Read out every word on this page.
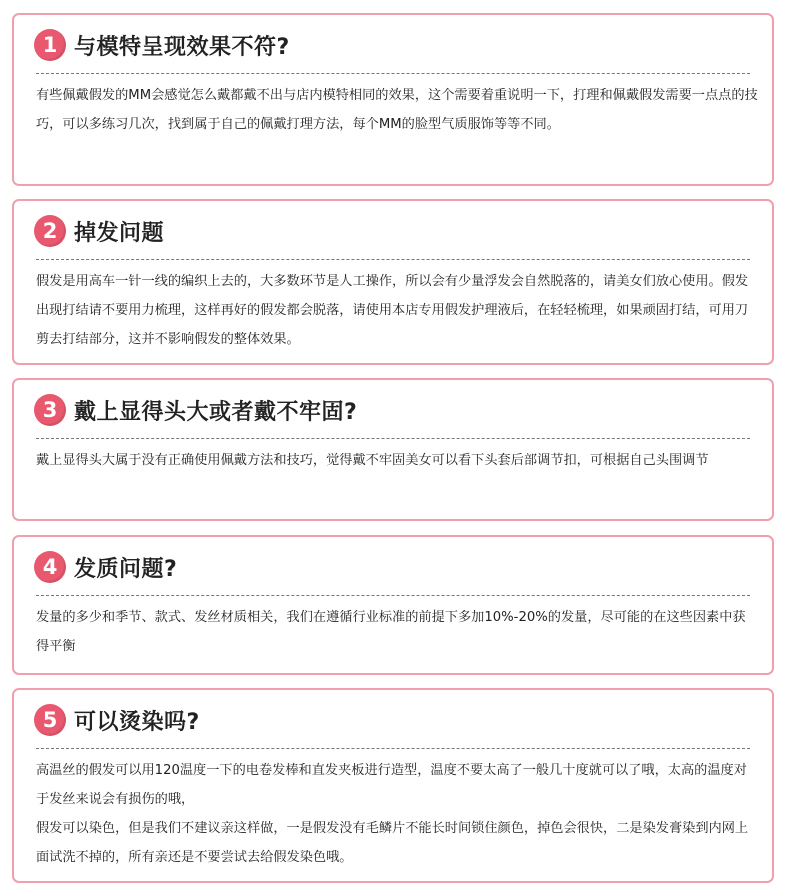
1 与模特呈现效果不符?

有些佩戴假发的MM会感觉怎么戴都戴不出与店内模特相同的效果，这个需要着重说明一下，打理和佩戴假发需要一点点的技巧，可以多练习几次，找到属于自己的佩戴打理方法，每个MM的脸型气质服饰等等不同。

2 掉发问题

假发是用高车一针一线的编织上去的，大多数环节是人工操作，所以会有少量浮发会自然脱落的，请美女们放心使用。假发出现打结请不要用力梳理，这样再好的假发都会脱落，请使用本店专用假发护理液后，在轻轻梳理，如果顽固打结，可用刀剪去打结部分，这并不影响假发的整体效果。

3 戴上显得头大或者戴不牢固?

戴上显得头大属于没有正确使用佩戴方法和技巧，觉得戴不牢固美女可以看下头套后部调节扣，可根据自己头围调节

4 发质问题?

发量的多少和季节、款式、发丝材质相关，我们在遵循行业标准的前提下多加10%-20%的发量，尽可能的在这些因素中获得平衡

5 可以烫染吗?

高温丝的假发可以用120温度一下的电卷发棒和直发夹板进行造型，温度不要太高了一般几十度就可以了哦，太高的温度对于发丝来说会有损伤的哦，

假发可以染色，但是我们不建议亲这样做，一是假发没有毛鳞片不能长时间锁住颜色，掉色会很快，二是染发膏染到内网上面试洗不掉的，所有亲还是不要尝试去给假发染色哦。
